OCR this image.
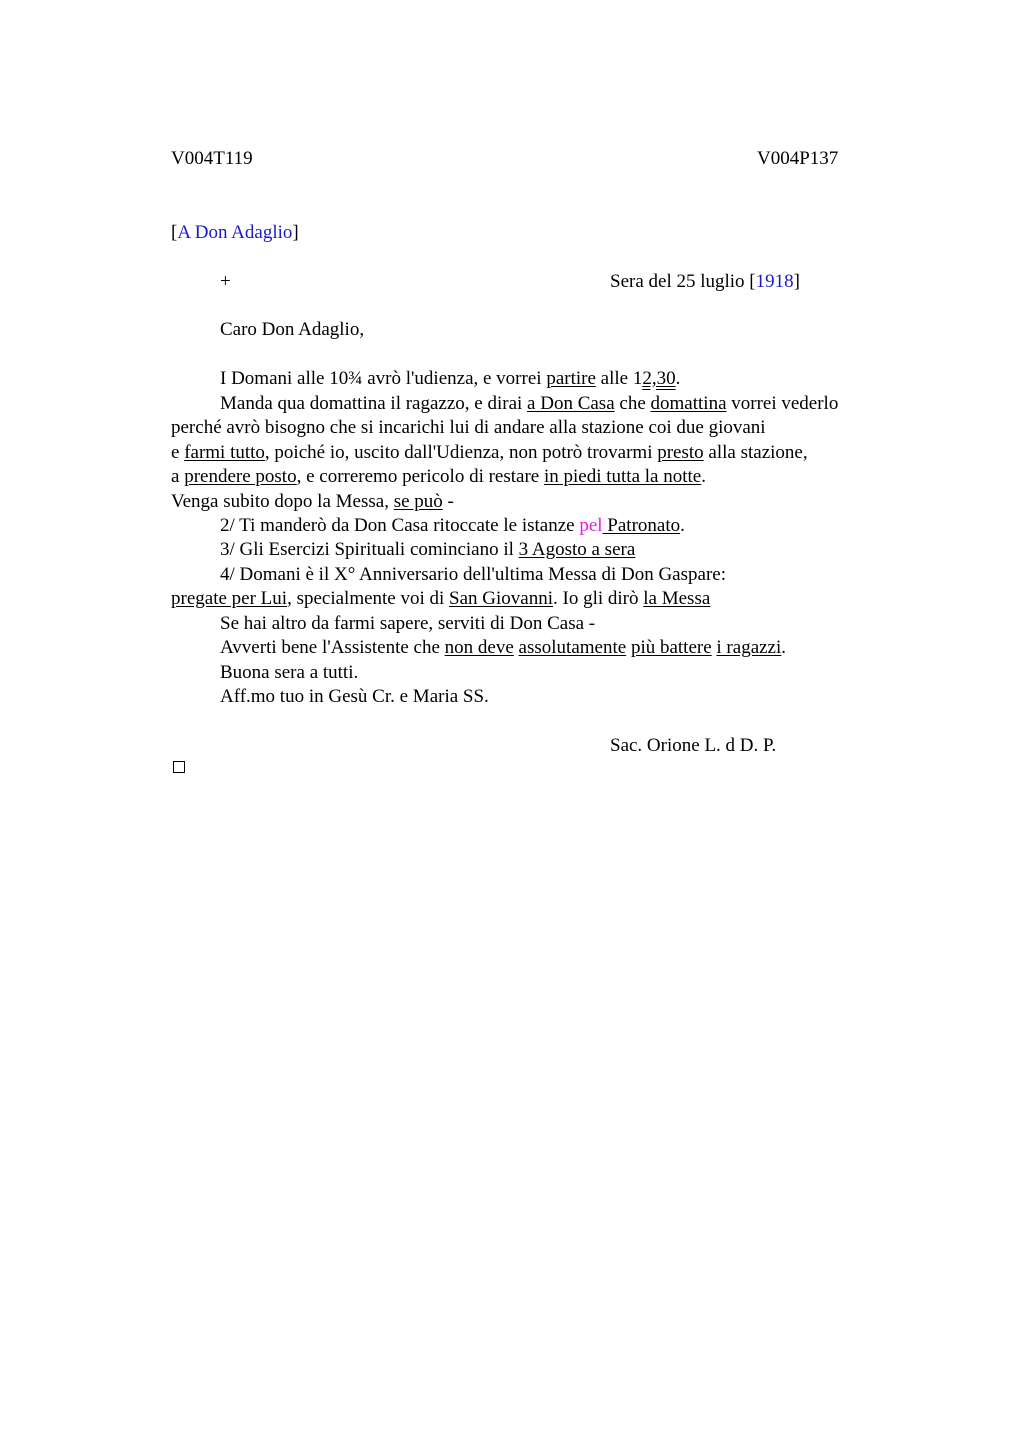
V004T119	V004P137
[A Don Adaglio]
+	Sera del 25 luglio [1918]
Caro Don Adaglio,
I Domani alle 10¾ avrò l'udienza, e vorrei partire alle 12,30.
Manda qua domattina il ragazzo, e dirai a Don Casa che domattina vorrei vederlo
perché avrò bisogno che si incarichi lui di andare alla stazione coi due giovani
e farmi tutto, poiché io, uscito dall'Udienza, non potrò trovarmi presto alla stazione,
a prendere posto, e correremo pericolo di restare in piedi tutta la notte.
Venga subito dopo la Messa, se può -
2/ Ti manderò da Don Casa ritoccate le istanze pel Patronato.
3/ Gli Esercizi Spirituali cominciano il 3 Agosto a sera
4/ Domani è il X° Anniversario dell'ultima Messa di Don Gaspare:
pregate per Lui, specialmente voi di San Giovanni. Io gli dirò la Messa
Se hai altro da farmi sapere, serviti di Don Casa -
Avverti bene l'Assistente che non deve assolutamente più battere i ragazzi.
Buona sera a tutti.
Aff.mo tuo in Gesù Cr. e Maria SS.
Sac. Orione L. d D. P.
